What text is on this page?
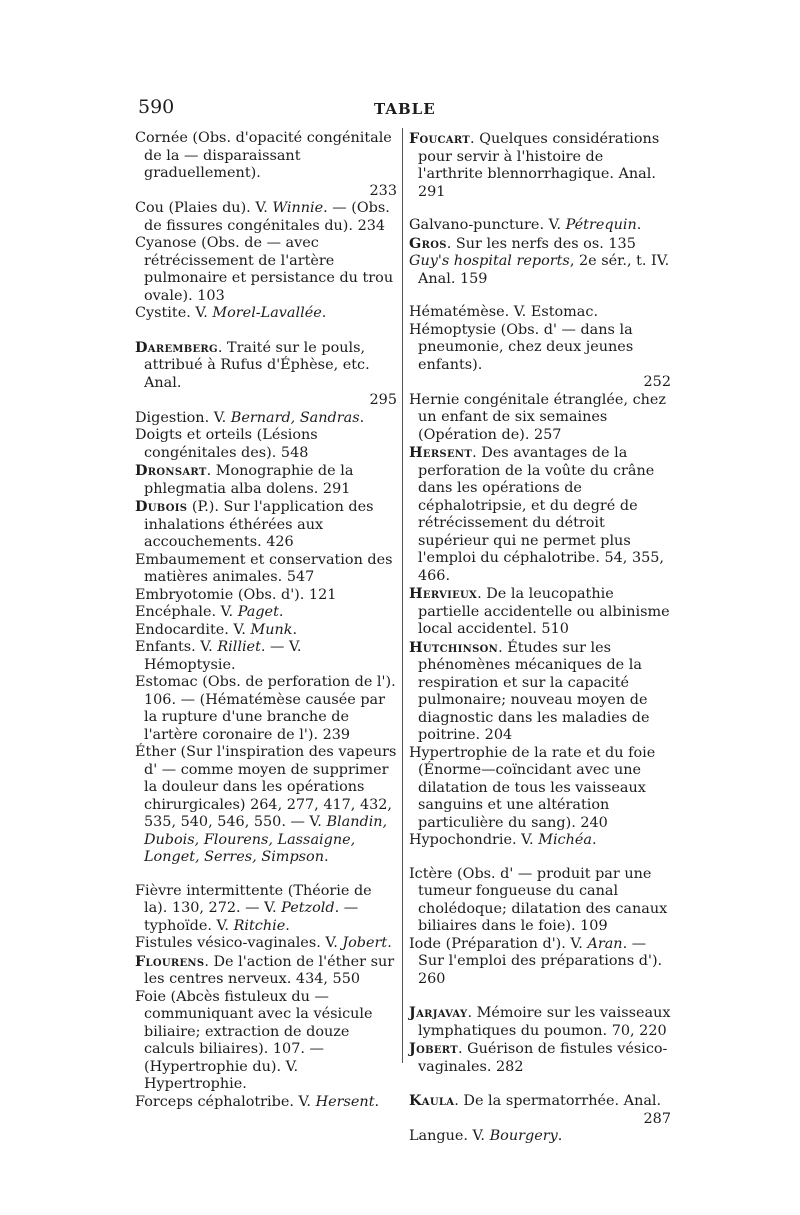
590	TABLE
Cornée (Obs. d'opacité congénitale de la — disparaissant graduellement).
233
Cou (Plaies du). V. Winnie. — (Obs. de fissures congénitales du). 234
Cyanose (Obs. de — avec rétrécissement de l'artère pulmonaire et persistance du trou ovale). 103
Cystite. V. Morel-Lavallée.
Daremberg. Traité sur le pouls, attribué à Rufus d'Éphèse, etc. Anal.
295
Digestion. V. Bernard, Sandras.
Doigts et orteils (Lésions congénitales des). 548
Dronsart. Monographie de la phlegmatia alba dolens. 291
Dubois (P.). Sur l'application des inhalations éthérées aux accouchements. 426
Embaumement et conservation des matières animales. 547
Embryotomie (Obs. d'). 121
Encéphale. V. Paget.
Endocardite. V. Munk.
Enfants. V. Rilliet. — V. Hémoptysie.
Estomac (Obs. de perforation de l'). 106. — (Hématémèse causée par la rupture d'une branche de l'artère coronaire de l'). 239
Éther (Sur l'inspiration des vapeurs d' — comme moyen de supprimer la douleur dans les opérations chirurgicales) 264, 277, 417, 432, 535, 540, 546, 550. — V. Blandin, Dubois, Flourens, Lassaigne, Longet, Serres, Simpson.
Fièvre intermittente (Théorie de la). 130, 272. — V. Petzold. — typhoïde. V. Ritchie.
Fistules vésico-vaginales. V. Jobert.
Flourens. De l'action de l'éther sur les centres nerveux. 434, 550
Foie (Abcès fistuleux du — communiquant avec la vésicule biliaire; extraction de douze calculs biliaires). 107. — (Hypertrophie du). V. Hypertrophie.
Forceps céphalotribe. V. Hersent.
Foucart. Quelques considérations pour servir à l'histoire de l'arthrite blennorrhagique. Anal. 291
Galvano-puncture. V. Pétrequin.
Gros. Sur les nerfs des os. 135
Guy's hospital reports, 2e sér., t. IV. Anal. 159
Hématémèse. V. Estomac.
Hémoptysie (Obs. d' — dans la pneumonie, chez deux jeunes enfants).
252
Hernie congénitale étranglée, chez un enfant de six semaines (Opération de). 257
Hersent. Des avantages de la perforation de la voûte du crâne dans les opérations de céphalotripsie, et du degré de rétrécissement du détroit supérieur qui ne permet plus l'emploi du céphalotribe. 54, 355, 466.
Hervieux. De la leucopathie partielle accidentelle ou albinisme local accidentel. 510
Hutchinson. Études sur les phénomènes mécaniques de la respiration et sur la capacité pulmonaire; nouveau moyen de diagnostic dans les maladies de poitrine. 204
Hypertrophie de la rate et du foie (Énorme—coïncidant avec une dilatation de tous les vaisseaux sanguins et une altération particulière du sang). 240
Hypochondrie. V. Michéa.
Ictère (Obs. d' — produit par une tumeur fongueuse du canal cholédoque; dilatation des canaux biliaires dans le foie). 109
Iode (Préparation d'). V. Aran. — Sur l'emploi des préparations d'). 260
Jarjavay. Mémoire sur les vaisseaux lymphatiques du poumon. 70, 220
Jobert. Guérison de fistules vésico-vaginales. 282
Kaula. De la spermatorrhée. Anal.
287
Langue. V. Bourgery.
